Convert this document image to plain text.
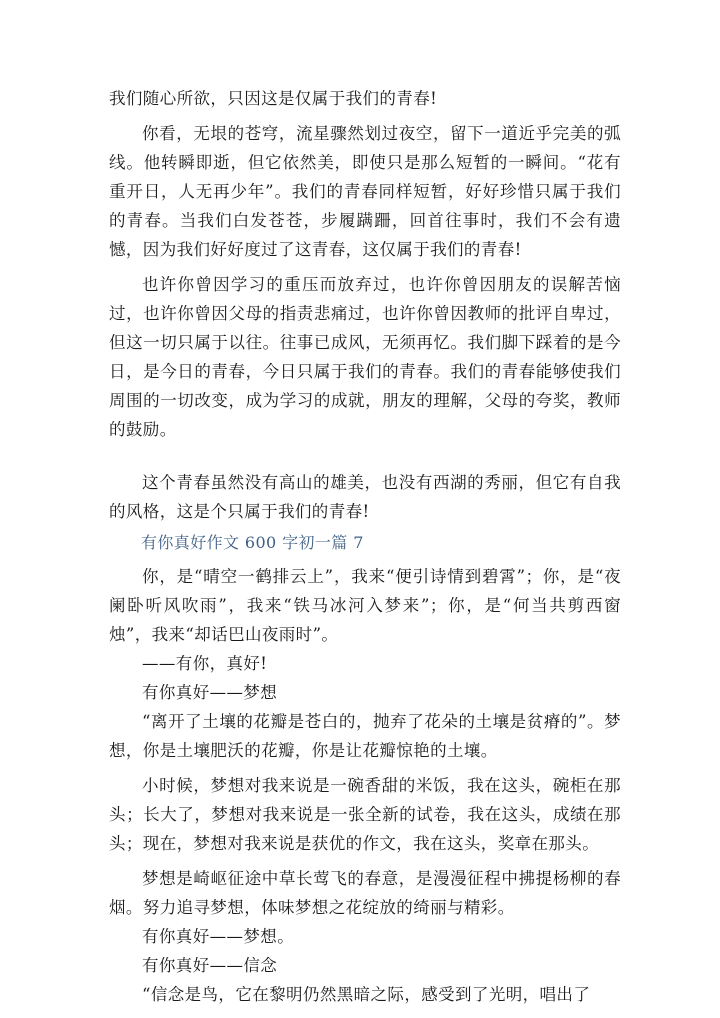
我们随心所欲，只因这是仅属于我们的青春!

你看，无垠的苍穹，流星骤然划过夜空，留下一道近乎完美的弧线。他转瞬即逝，但它依然美，即使只是那么短暂的一瞬间。“花有重开日，人无再少年”。我们的青春同样短暂，好好珍惜只属于我们的青春。当我们白发苍苍，步履蹒跚，回首往事时，我们不会有遗憾，因为我们好好度过了这青春，这仅属于我们的青春!

也许你曾因学习的重压而放弃过，也许你曾因朋友的误解苦恼过，也许你曾因父母的指责悲痛过，也许你曾因教师的批评自卑过，但这一切只属于以往。往事已成风，无须再忆。我们脚下踩着的是今日，是今日的青春，今日只属于我们的青春。我们的青春能够使我们周围的一切改变，成为学习的成就，朋友的理解，父母的夸奖，教师的鼓励。

这个青春虽然没有高山的雄美，也没有西湖的秀丽，但它有自我的风格，这是个只属于我们的青春!

有你真好作文 600 字初一篇 7

你，是“晴空一鹤排云上”，我来“便引诗情到碧霄”；你，是“夜阑卧听风吹雨”，我来“铁马冰河入梦来”；你，是“何当共剪西窗烛”，我来“却话巴山夜雨时”。

——有你，真好!

有你真好——梦想

“离开了土壤的花瓣是苍白的，抛弃了花朵的土壤是贫瘠的”。梦想，你是土壤肥沃的花瓣，你是让花瓣惊艳的土壤。

小时候，梦想对我来说是一碗香甜的米饭，我在这头，碗柜在那头；长大了，梦想对我来说是一张全新的试卷，我在这头，成绩在那头；现在，梦想对我来说是获优的作文，我在这头，奖章在那头。

梦想是崎岖征途中草长莺飞的春意，是漫漫征程中拂提杨柳的春烟。努力追寻梦想，体味梦想之花绽放的绮丽与精彩。

有你真好——梦想。

有你真好——信念

“信念是鸟，它在黎明仍然黑暗之际，感受到了光明，唱出了
